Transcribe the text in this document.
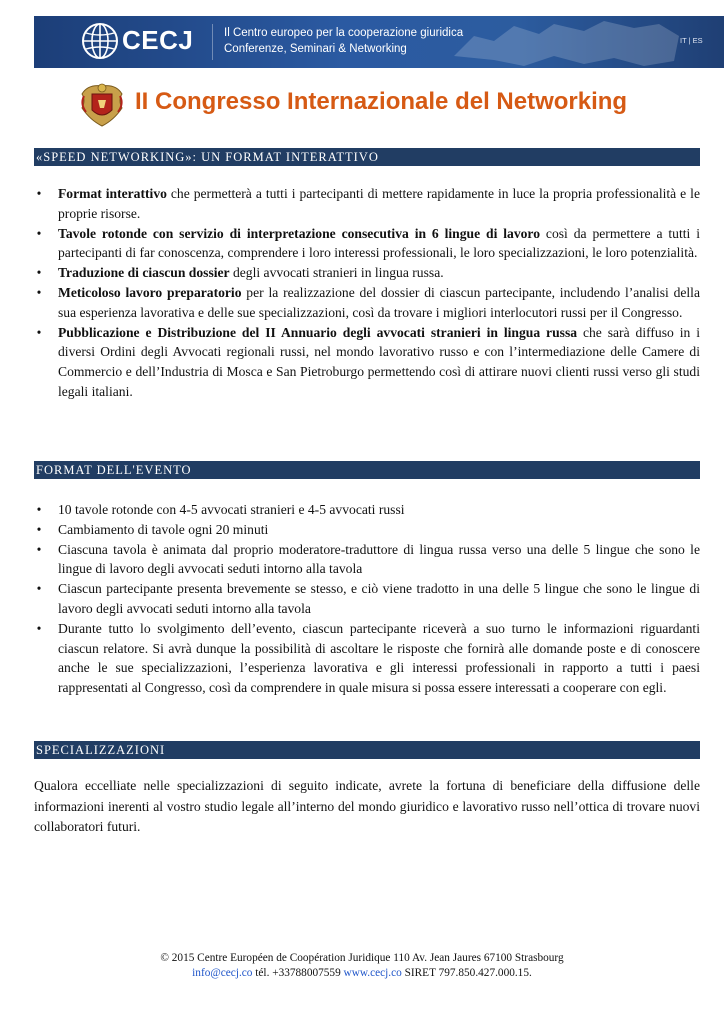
CECJ	Il Centro europeo per la cooperazione giuridica
Conferenze, Seminari & Networking
IT | ES
II Congresso Internazionale del Networking
«SPEED NETWORKING»: UN FORMAT INTERATTIVO
• Format interattivo che permetterà a tutti i partecipanti di mettere rapidamente in luce la propria professionalità e le proprie risorse.
• Tavole rotonde con servizio di interpretazione consecutiva in 6 lingue di lavoro così da permettere a tutti i partecipanti di far conoscenza, comprendere i loro interessi professionali, le loro specializzazioni, le loro potenzialità.
• Traduzione di ciascun dossier degli avvocati stranieri in lingua russa.
• Meticoloso lavoro preparatorio per la realizzazione del dossier di ciascun partecipante, includendo l’analisi della sua esperienza lavorativa e delle sue specializzazioni, così da trovare i migliori interlocutori russi per il Congresso.
• Pubblicazione e Distribuzione del II Annuario degli avvocati stranieri in lingua russa che sarà diffuso in i diversi Ordini degli Avvocati regionali russi, nel mondo lavorativo russo e con l’intermediazione delle Camere di Commercio e dell’Industria di Mosca e San Pietroburgo permettendo così di attirare nuovi clienti russi verso gli studi legali italiani.
FORMAT DELL'EVENTO
• 10 tavole rotonde con 4-5 avvocati stranieri e 4-5 avvocati russi
• Cambiamento di tavole ogni 20 minuti
• Ciascuna tavola è animata dal proprio moderatore-traduttore di lingua russa verso una delle 5 lingue che sono le lingue di lavoro degli avvocati seduti intorno alla tavola
• Ciascun partecipante presenta brevemente se stesso, e ciò viene tradotto in una delle 5 lingue che sono le lingue di lavoro degli avvocati seduti intorno alla tavola
• Durante tutto lo svolgimento dell’evento, ciascun partecipante riceverà a suo turno le informazioni riguardanti ciascun relatore. Si avrà dunque la possibilità di ascoltare le risposte che fornirà alle domande poste e di conoscere anche le sue specializzazioni, l’esperienza lavorativa e gli interessi professionali in rapporto a tutti i paesi rappresentati al Congresso, così da comprendere in quale misura si possa essere interessati a cooperare con egli.
SPECIALIZZAZIONI

Qualora eccelliate nelle specializzazioni di seguito indicate, avrete la fortuna di beneficiare della diffusione delle informazioni inerenti al vostro studio legale all’interno del mondo giuridico e lavorativo russo nell’ottica di trovare nuovi collaboratori futuri.

© 2015 Centre Européen de Coopération Juridique 110 Av. Jean Jaures 67100 Strasbourg
info@cecj.co tél. +33788007559 www.cecj.co SIRET 797.850.427.000.15.
